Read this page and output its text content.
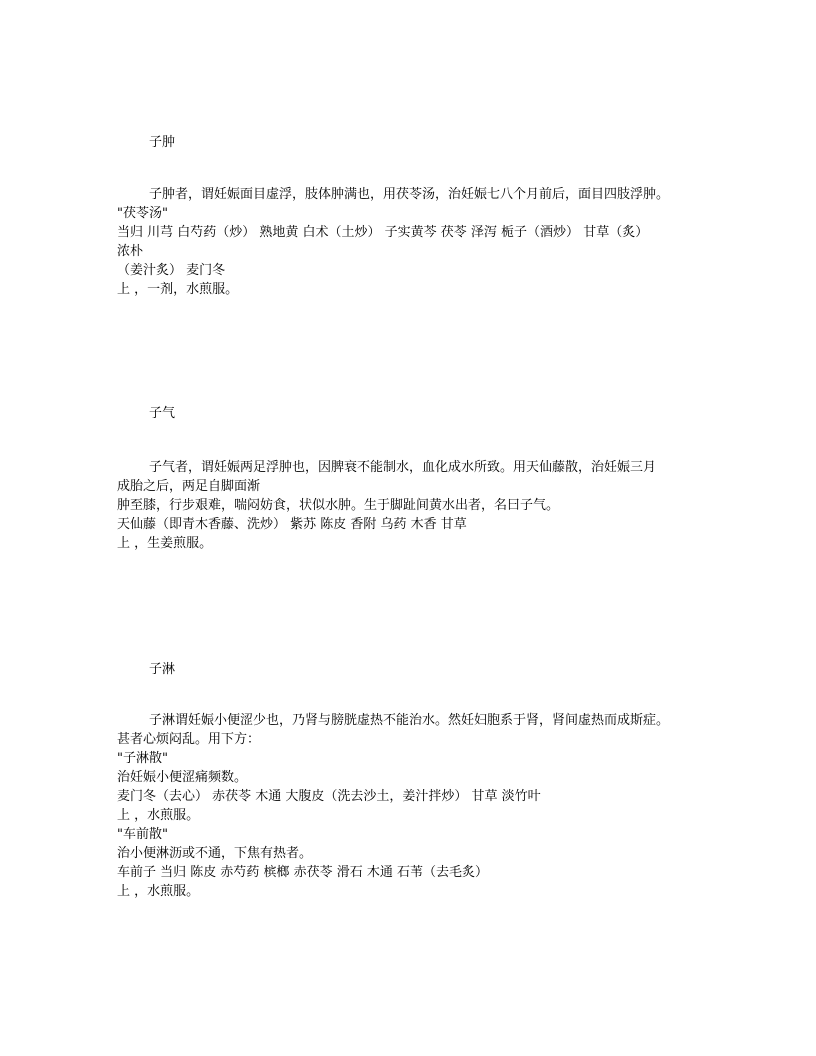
子肿
子肿者，谓妊娠面目虚浮，肢体肿满也，用茯苓汤，治妊娠七八个月前后，面目四肢浮肿。
"茯苓汤"
当归 川芎 白芍药（炒） 熟地黄 白术（土炒） 子实黄芩 茯苓 泽泻 栀子（酒炒） 甘草（炙）
浓朴
（姜汁炙） 麦门冬
上 ，一剂，水煎服。
子气
子气者，谓妊娠两足浮肿也，因脾衰不能制水，血化成水所致。用天仙藤散，治妊娠三月
成胎之后，两足自脚面渐
肿至膝，行步艰难，喘闷妨食，状似水肿。生于脚趾间黄水出者，名曰子气。
天仙藤（即青木香藤、洗炒） 紫苏 陈皮 香附 乌药 木香 甘草
上 ，生姜煎服。
子淋
子淋谓妊娠小便涩少也，乃肾与膀胱虚热不能治水。然妊妇胞系于肾，肾间虚热而成斯症。
甚者心烦闷乱。用下方：
"子淋散"
治妊娠小便涩痛频数。
麦门冬（去心） 赤茯苓 木通 大腹皮（洗去沙土，姜汁拌炒） 甘草 淡竹叶
上 ，水煎服。
"车前散"
治小便淋沥或不通，下焦有热者。
车前子 当归 陈皮 赤芍药 槟榔 赤茯苓 滑石 木通 石苇（去毛炙）
上 ，水煎服。
